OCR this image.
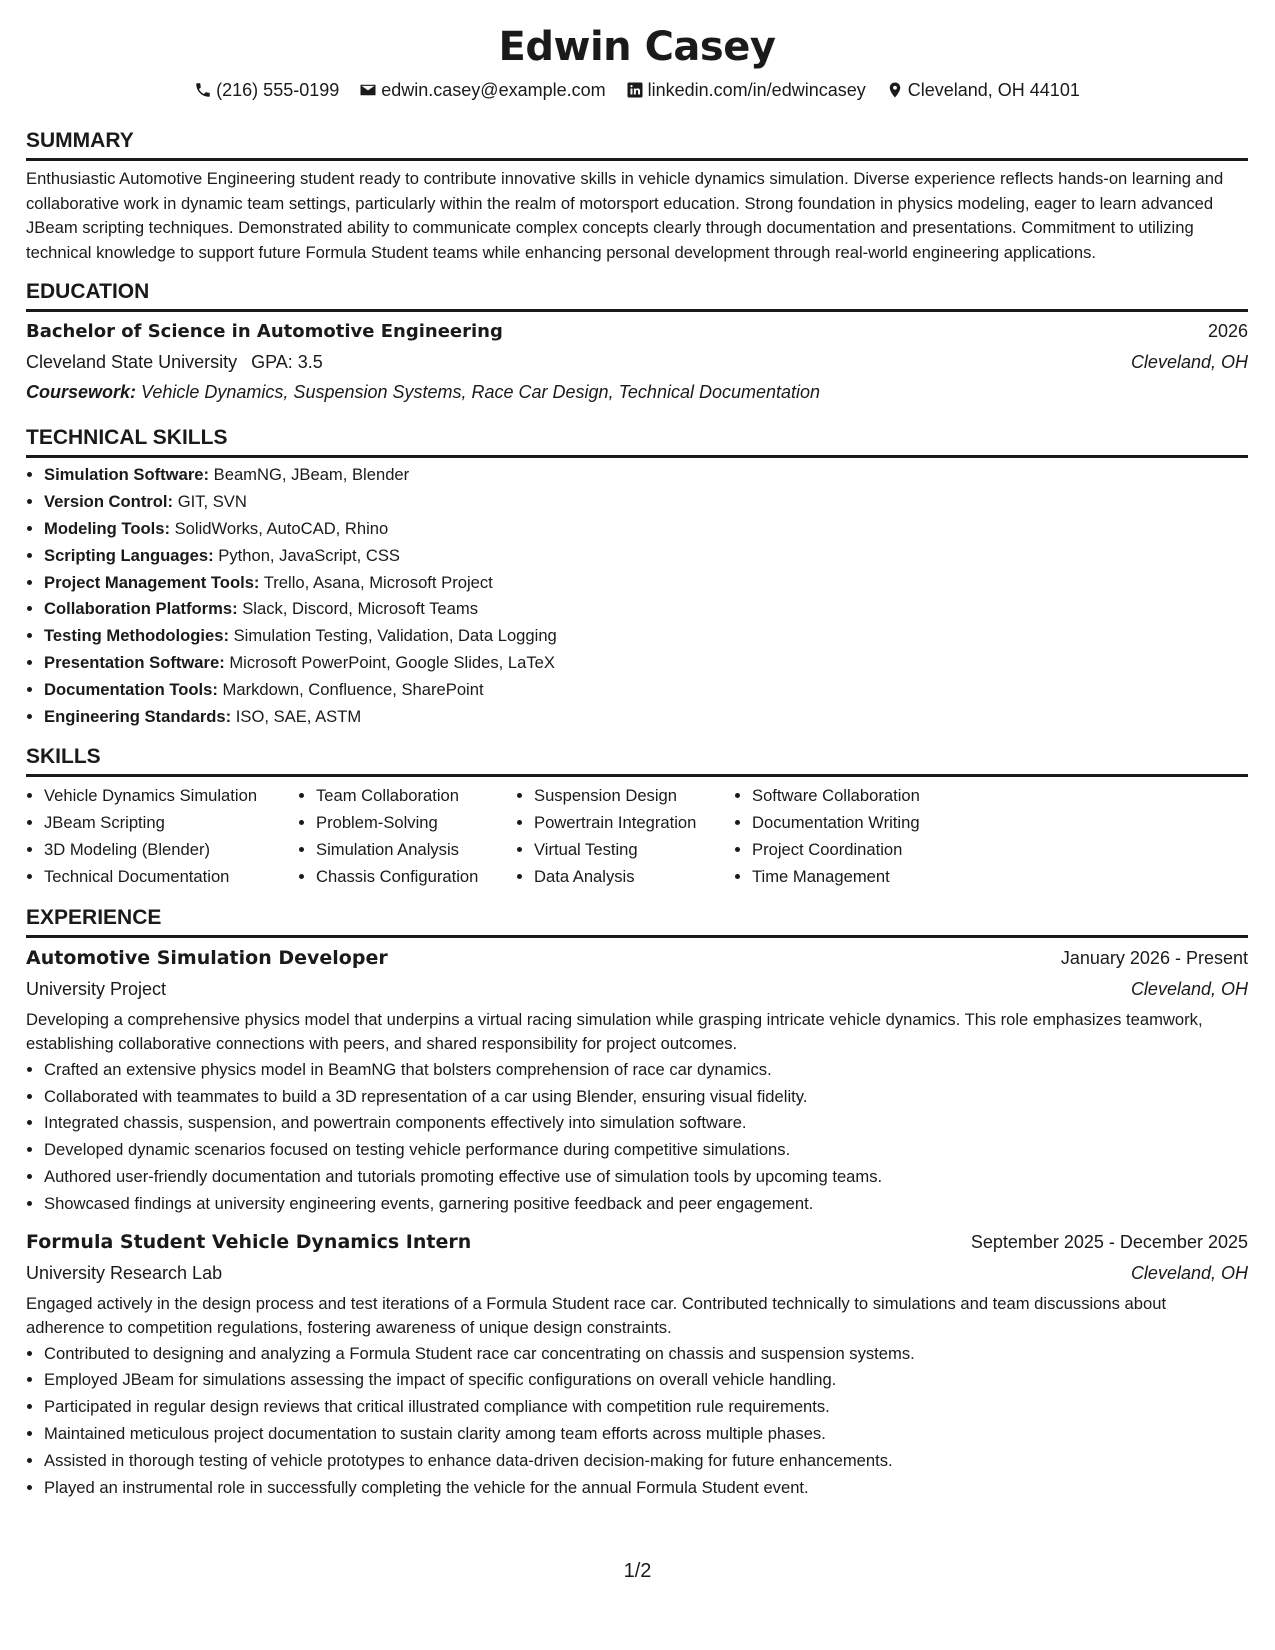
Edwin Casey
(216) 555-0199 edwin.casey@example.com linkedin.com/in/edwincasey Cleveland, OH 44101
SUMMARY

Enthusiastic Automotive Engineering student ready to contribute innovative skills in vehicle dynamics simulation. Diverse experience reflects hands-on learning and collaborative work in dynamic team settings, particularly within the realm of motorsport education. Strong foundation in physics modeling, eager to learn advanced JBeam scripting techniques. Demonstrated ability to communicate complex concepts clearly through documentation and presentations. Commitment to utilizing technical knowledge to support future Formula Student teams while enhancing personal development through real-world engineering applications.

EDUCATION
Bachelor of Science in Automotive Engineering	2026
Cleveland State University GPA: 3.5	Cleveland, OH
Coursework: Vehicle Dynamics, Suspension Systems, Race Car Design, Technical Documentation
TECHNICAL SKILLS
• Simulation Software: BeamNG, JBeam, Blender
• Version Control: GIT, SVN
• Modeling Tools: SolidWorks, AutoCAD, Rhino
• Scripting Languages: Python, JavaScript, CSS
• Project Management Tools: Trello, Asana, Microsoft Project
• Collaboration Platforms: Slack, Discord, Microsoft Teams
• Testing Methodologies: Simulation Testing, Validation, Data Logging
• Presentation Software: Microsoft PowerPoint, Google Slides, LaTeX
• Documentation Tools: Markdown, Confluence, SharePoint
• Engineering Standards: ISO, SAE, ASTM
SKILLS
• Vehicle Dynamics Simulation
• JBeam Scripting
• 3D Modeling (Blender)
• Technical Documentation
• Team Collaboration
• Problem-Solving
• Simulation Analysis
• Chassis Configuration
• Suspension Design
• Powertrain Integration
• Virtual Testing
• Data Analysis
• Software Collaboration
• Documentation Writing
• Project Coordination
• Time Management
EXPERIENCE
Automotive Simulation Developer	January 2026 - Present
University Project	Cleveland, OH

Developing a comprehensive physics model that underpins a virtual racing simulation while grasping intricate vehicle dynamics. This role emphasizes teamwork, establishing collaborative connections with peers, and shared responsibility for project outcomes.

• Crafted an extensive physics model in BeamNG that bolsters comprehension of race car dynamics.
• Collaborated with teammates to build a 3D representation of a car using Blender, ensuring visual fidelity.
• Integrated chassis, suspension, and powertrain components effectively into simulation software.
• Developed dynamic scenarios focused on testing vehicle performance during competitive simulations.
• Authored user-friendly documentation and tutorials promoting effective use of simulation tools by upcoming teams.
• Showcased findings at university engineering events, garnering positive feedback and peer engagement.
Formula Student Vehicle Dynamics Intern	September 2025 - December 2025
University Research Lab	Cleveland, OH

Engaged actively in the design process and test iterations of a Formula Student race car. Contributed technically to simulations and team discussions about adherence to competition regulations, fostering awareness of unique design constraints.

• Contributed to designing and analyzing a Formula Student race car concentrating on chassis and suspension systems.
• Employed JBeam for simulations assessing the impact of specific configurations on overall vehicle handling.
• Participated in regular design reviews that critical illustrated compliance with competition rule requirements.
• Maintained meticulous project documentation to sustain clarity among team efforts across multiple phases.
• Assisted in thorough testing of vehicle prototypes to enhance data-driven decision-making for future enhancements.
• Played an instrumental role in successfully completing the vehicle for the annual Formula Student event.
1/2
